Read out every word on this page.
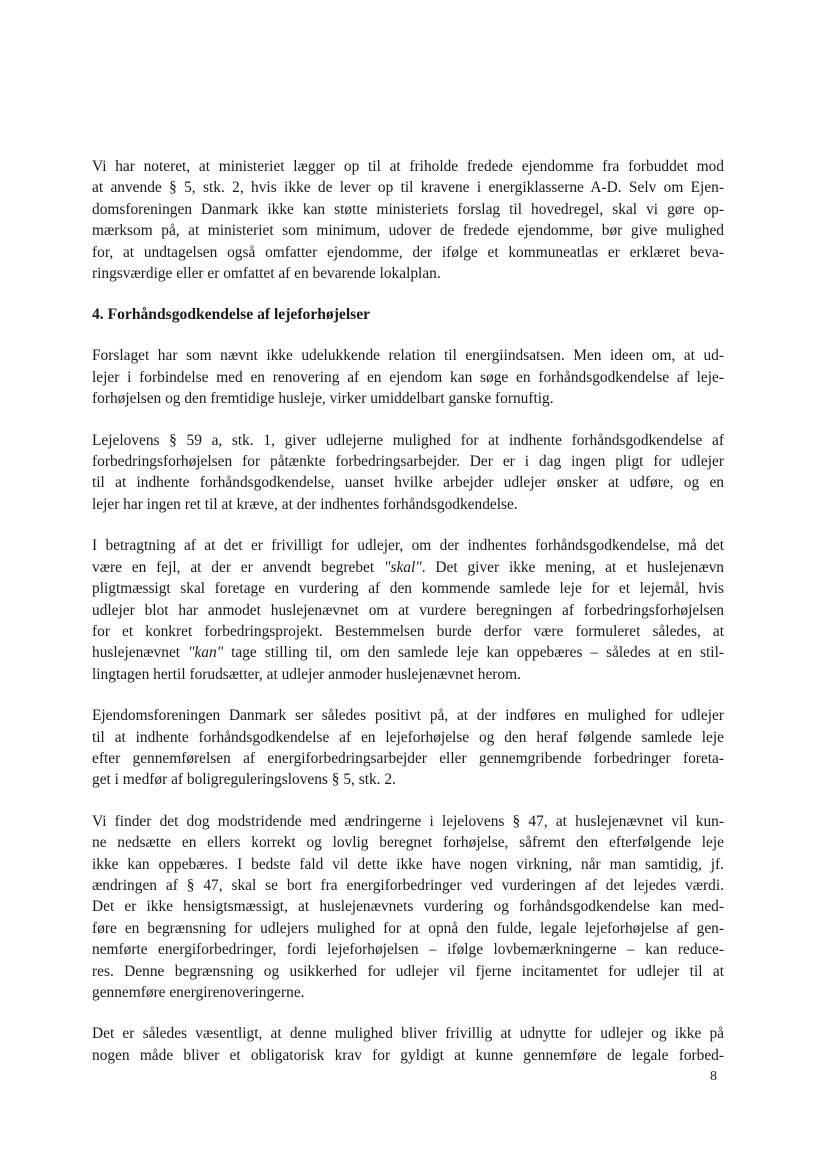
Vi har noteret, at ministeriet lægger op til at friholde fredede ejendomme fra forbuddet mod
at anvende § 5, stk. 2, hvis ikke de lever op til kravene i energiklasserne A-D. Selv om Ejen-
domsforeningen Danmark ikke kan støtte ministeriets forslag til hovedregel, skal vi gøre op-
mærksom på, at ministeriet som minimum, udover de fredede ejendomme, bør give mulighed
for, at undtagelsen også omfatter ejendomme, der ifølge et kommuneatlas er erklæret beva-
ringsværdige eller er omfattet af en bevarende lokalplan.
4. Forhåndsgodkendelse af lejeforhøjelser
Forslaget har som nævnt ikke udelukkende relation til energiindsatsen. Men ideen om, at ud-
lejer i forbindelse med en renovering af en ejendom kan søge en forhåndsgodkendelse af leje-
forhøjelsen og den fremtidige husleje, virker umiddelbart ganske fornuftig.
Lejelovens § 59 a, stk. 1, giver udlejerne mulighed for at indhente forhåndsgodkendelse af
forbedringsforhøjelsen for påtænkte forbedringsarbejder. Der er i dag ingen pligt for udlejer
til at indhente forhåndsgodkendelse, uanset hvilke arbejder udlejer ønsker at udføre, og en
lejer har ingen ret til at kræve, at der indhentes forhåndsgodkendelse.
I betragtning af at det er frivilligt for udlejer, om der indhentes forhåndsgodkendelse, må det
være en fejl, at der er anvendt begrebet "skal". Det giver ikke mening, at et huslejenævn
pligtmæssigt skal foretage en vurdering af den kommende samlede leje for et lejemål, hvis
udlejer blot har anmodet huslejenævnet om at vurdere beregningen af forbedringsforhøjelsen
for et konkret forbedringsprojekt. Bestemmelsen burde derfor være formuleret således, at
huslejenævnet "kan" tage stilling til, om den samlede leje kan oppebæres – således at en stil-
lingtagen hertil forudsætter, at udlejer anmoder huslejenævnet herom.
Ejendomsforeningen Danmark ser således positivt på, at der indføres en mulighed for udlejer
til at indhente forhåndsgodkendelse af en lejeforhøjelse og den heraf følgende samlede leje
efter gennemførelsen af energiforbedringsarbejder eller gennemgribende forbedringer foreta-
get i medfør af boligreguleringslovens § 5, stk. 2.
Vi finder det dog modstridende med ændringerne i lejelovens § 47, at huslejenævnet vil kun-
ne nedsætte en ellers korrekt og lovlig beregnet forhøjelse, såfremt den efterfølgende leje
ikke kan oppebæres. I bedste fald vil dette ikke have nogen virkning, når man samtidig, jf.
ændringen af § 47, skal se bort fra energiforbedringer ved vurderingen af det lejedes værdi.
Det er ikke hensigtsmæssigt, at huslejenævnets vurdering og forhåndsgodkendelse kan med-
føre en begrænsning for udlejers mulighed for at opnå den fulde, legale lejeforhøjelse af gen-
nemførte energiforbedringer, fordi lejeforhøjelsen – ifølge lovbemærkningerne – kan reduce-
res. Denne begrænsning og usikkerhed for udlejer vil fjerne incitamentet for udlejer til at
gennemføre energirenoveringerne.
Det er således væsentligt, at denne mulighed bliver frivillig at udnytte for udlejer og ikke på
nogen måde bliver et obligatorisk krav for gyldigt at kunne gennemføre de legale forbed-
8
